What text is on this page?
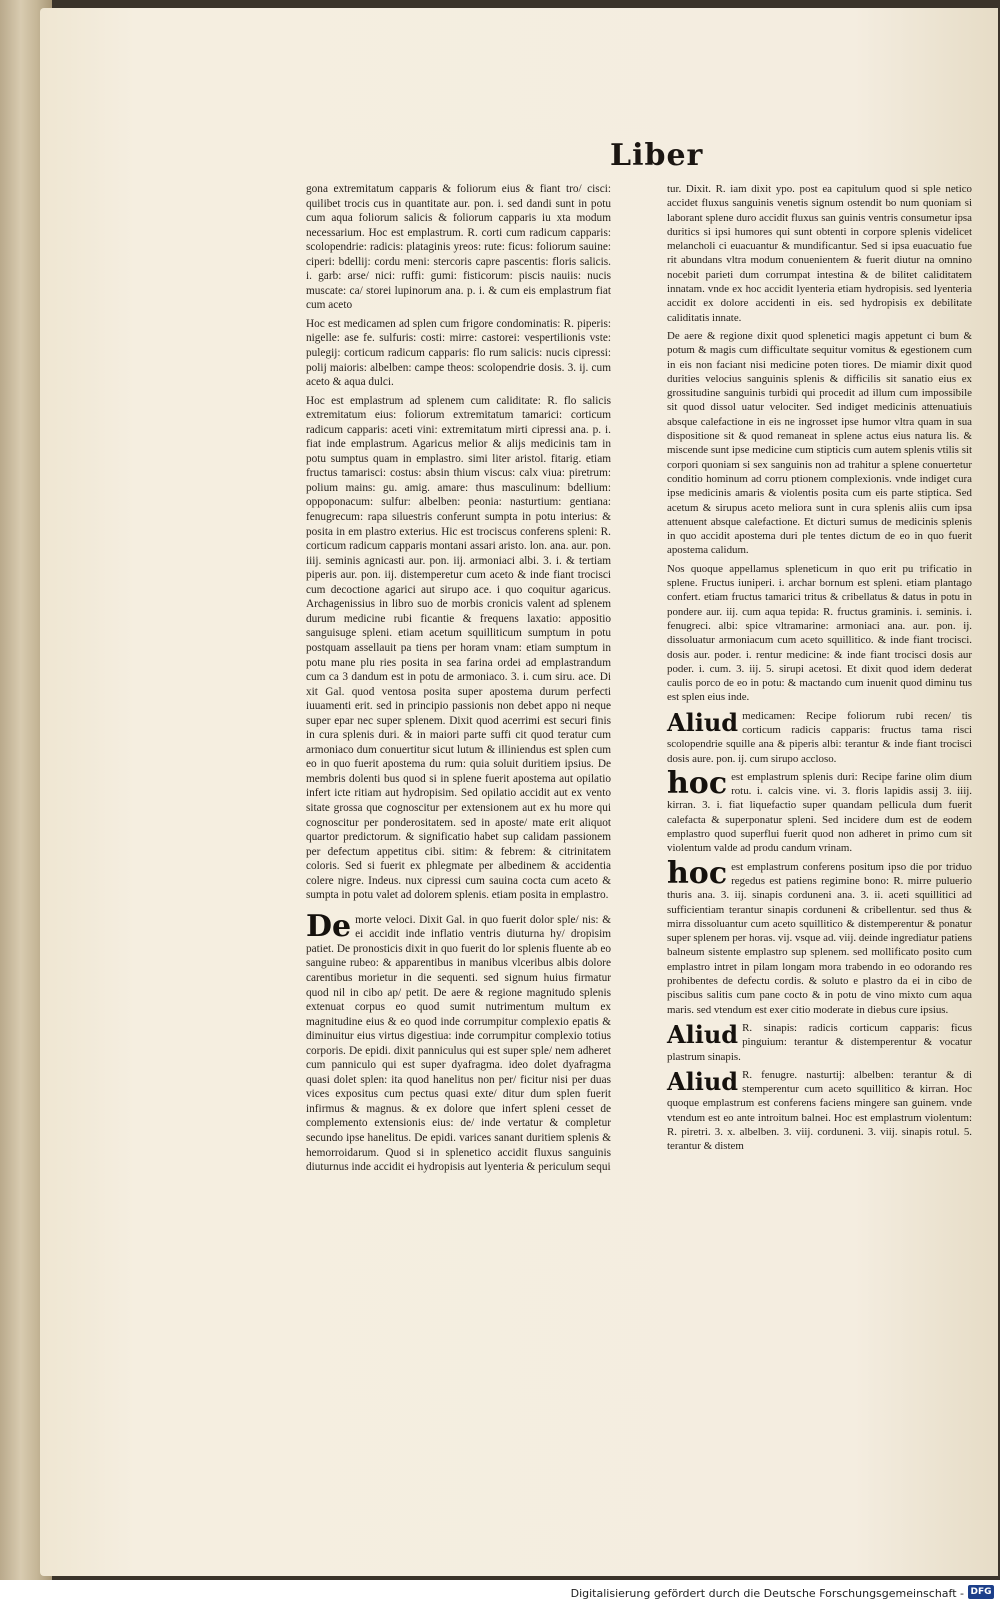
Liber

gona extremitatum capparis & foliorum eius & fiant tro/ cisci: quilibet trocis cus in quantitate aur. pon. i. sed dandi sunt in potu cum aqua foliorum salicis & foliorum capparis iu xta modum necessarium. Hoc est emplastrum. R. corti cum radicum capparis: scolopendrie: radicis: plataginis yreos: rute: ficus: foliorum sauine: ciperi: bdellij: cordu meni: stercoris capre pascentis: floris salicis. i. garb: arse/ nici: ruffi: gumi: fisticorum: piscis nauiis: nucis muscate: ca/ storei lupinorum ana. p. i. & cum eis emplastrum fiat cum aceto

Hoc est medicamen ad splen cum frigore condominatis: R. piperis: nigelle: ase fe. sulfuris: costi: mirre: castorei: vespertilionis vste: pulegij: corticum radicum capparis: flo rum salicis: nucis cipressi: polij maioris: albelben: campe theos: scolopendrie dosis. 3. ij. cum aceto & aqua dulci.

Hoc est emplastrum ad splenem cum caliditate: R. flo salicis extremitatum eius: foliorum extremitatum tamarici: corticum radicum capparis: aceti vini: extremitatum mirti cipressi ana. p. i. fiat inde emplastrum. Agaricus melior & alijs medicinis tam in potu sumptus quam in emplastro. simi liter aristol. fitarig. etiam fructus tamarisci: costus: absin thium viscus: calx viua: piretrum: polium mains: gu. amig. amare: thus masculinum: bdellium: oppoponacum: sulfur: albelben: peonia: nasturtium: gentiana: fenugrecum: rapa siluestris conferunt sumpta in potu interius: & posita in em plastro exterius. Hic est trociscus conferens spleni: R. corticum radicum capparis montani assari aristo. lon. ana. aur. pon. iiij. seminis agnicasti aur. pon. iij. armoniaci albi. 3. i. & tertiam piperis aur. pon. iij. distemperetur cum aceto & inde fiant trocisci cum decoctione agarici aut sirupo ace. i quo coquitur agaricus. Archagenissius in libro suo de morbis cronicis valent ad splenem durum medicine rubi ficantie & frequens laxatio: appositio sanguisuge spleni. etiam acetum squilliticum sumptum in potu postquam assellauit pa tiens per horam vnam: etiam sumptum in potu mane plu ries posita in sea farina ordei ad emplastrandum cum ca 3 dandum est in potu de armoniaco. 3. i. cum siru. ace. Di xit Gal. quod ventosa posita super apostema durum perfecti iuuamenti erit. sed in principio passionis non debet appo ni neque super epar nec super splenem. Dixit quod acerrimi est securi finis in cura splenis duri. & in maiori parte suffi cit quod teratur cum armoniaco dum conuertitur sicut lutum & illiniendus est splen cum eo in quo fuerit apostema du rum: quia soluit duritiem ipsius. De membris dolenti bus quod si in splene fuerit apostema aut opilatio infert icte ritiam aut hydropisim. Sed opilatio accidit aut ex vento sitate grossa que cognoscitur per extensionem aut ex hu more qui cognoscitur per ponderositatem. sed in aposte/ mate erit aliquot quartor predictorum. & significatio habet sup calidam passionem per defectum appetitus cibi. sitim: & febrem: & citrinitatem coloris. Sed si fuerit ex phlegmate per albedinem & accidentia colere nigre. Indeus. nux cipressi cum sauina cocta cum aceto & sumpta in potu valet ad dolorem splenis. etiam posita in emplastro.

De morte veloci. Dixit Gal. in quo fuerit dolor sple/ nis: & ei accidit inde inflatio ventris diuturna hy/ dropisim patiet. De pronosticis dixit in quo fuerit do lor splenis fluente ab eo sanguine rubeo: & apparentibus in manibus vlceribus albis dolore carentibus morietur in die sequenti. sed signum huius firmatur quod nil in cibo ap/ petit. De aere & regione magnitudo splenis extenuat corpus eo quod sumit nutrimentum multum ex magnitudine eius & eo quod inde corrumpitur complexio epatis & diminuitur eius virtus digestiua: inde corrumpitur complexio totius corporis. De epidi. dixit panniculus qui est super sple/ nem adheret cum panniculo qui est super dyafragma. ideo dolet dyafragma quasi dolet splen: ita quod hanelitus non per/ ficitur nisi per duas vices expositus cum pectus quasi exte/ ditur dum splen fuerit infirmus & magnus. & ex dolore que infert spleni cesset de complemento extensionis eius: de/ inde vertatur & completur secundo ipse hanelitus. De epidi. varices sanant duritiem splenis & hemorroidarum. Quod si in splenetico accidit fluxus sanguinis diuturnus inde accidit ei hydropisis aut lyenteria & periculum sequi

tur. Dixit. R. iam dixit ypo. post ea capitulum quod si sple netico accidet fluxus sanguinis venetis signum ostendit bo num quoniam si laborant splene duro accidit fluxus san guinis ventris consumetur ipsa duritics si ipsi humores qui sunt obtenti in corpore splenis videlicet melancholi ci euacuantur & mundificantur. Sed si ipsa euacuatio fue rit abundans vltra modum conuenientem & fuerit diutur na omnino nocebit parieti dum corrumpat intestina & de bilitet caliditatem innatam. vnde ex hoc accidit lyenteria etiam hydropisis. sed lyenteria accidit ex dolore accidenti in eis. sed hydropisis ex debilitate caliditatis innate.

De aere & regione dixit quod splenetici magis appetunt ci bum & potum & magis cum difficultate sequitur vomitus & egestionem cum in eis non faciant nisi medicine poten tiores. De miamir dixit quod durities velocius sanguinis splenis & difficilis sit sanatio eius ex grossitudine sanguinis turbidi qui procedit ad illum cum impossibile sit quod dissol uatur velociter. Sed indiget medicinis attenuatiuis absque calefactione in eis ne ingrosset ipse humor vltra quam in sua dispositione sit & quod remaneat in splene actus eius natura lis. & miscende sunt ipse medicine cum stipticis cum autem splenis vtilis sit corpori quoniam si sex sanguinis non ad trahitur a splene conuertetur conditio hominum ad corru ptionem complexionis. vnde indiget cura ipse medicinis amaris & violentis posita cum eis parte stiptica. Sed acetum & sirupus aceto meliora sunt in cura splenis aliis cum ipsa attenuent absque calefactione. Et dicturi sumus de medicinis splenis in quo accidit apostema duri ple tentes dictum de eo in quo fuerit apostema calidum.

Nos quoque appellamus spleneticum in quo erit pu trificatio in splene. Fructus iuniperi. i. archar bornum est spleni. etiam plantago confert. etiam fructus tamarici tritus & cribellatus & datus in potu in pondere aur. iij. cum aqua tepida: R. fructus graminis. i. seminis. i. fenugreci. albi: spice vltramarine: armoniaci ana. aur. pon. ij. dissoluatur armoniacum cum aceto squillitico. & inde fiant trocisci. dosis aur. poder. i. rentur medicine: & inde fiant trocisci dosis aur poder. i. cum. 3. iij. 5. sirupi acetosi. Et dixit quod idem dederat caulis porco de eo in potu: & mactando cum inuenit quod diminu tus est splen eius inde.

Aliud medicamen: Recipe foliorum rubi recen/ tis corticum radicis capparis: fructus tama risci scolopendrie squille ana & piperis albi: terantur & inde fiant trocisci dosis aure. pon. ij. cum sirupo accloso.

hoc est emplastrum splenis duri: Recipe farine olim dium rotu. i. calcis vine. vi. 3. floris lapidis assij 3. iiij. kirran. 3. i. fiat liquefactio super quandam pellicula dum fuerit calefacta & superponatur spleni. Sed incidere dum est de eodem emplastro quod superflui fuerit quod non adheret in primo cum sit violentum valde ad produ candum vrinam.

hoc est emplastrum conferens positum ipso die por triduo regedus est patiens regimine bono: R. mirre puluerio thuris ana. 3. iij. sinapis corduneni ana. 3. ii. aceti squillitici ad sufficientiam terantur sinapis corduneni & cribellentur. sed thus & mirra dissoluantur cum aceto squillitico & distemperentur & ponatur super splenem per horas. vij. vsque ad. viij. deinde ingrediatur patiens balneum sistente emplastro sup splenem. sed mollificato posito cum emplastro intret in pilam longam mora trabendo in eo odorando res prohibentes de defectu cordis. & soluto e plastro da ei in cibo de piscibus salitis cum pane cocto & in potu de vino mixto cum aqua maris. sed vtendum est exer citio moderate in diebus cure ipsius.

Aliud R. sinapis: radicis corticum capparis: ficus pinguium: terantur & distemperentur & vocatur plastrum sinapis.

Aliud R. fenugre. nasturtij: albelben: terantur & di stemperentur cum aceto squillitico & kirran. Hoc quoque emplastrum est conferens faciens mingere san guinem. vnde vtendum est eo ante introitum balnei. Hoc est emplastrum violentum: R. piretri. 3. x. albelben. 3. viij. corduneni. 3. viij. sinapis rotul. 5. terantur & distem

Digitalisierung gefördert durch die Deutsche Forschungsgemeinschaft - DFG
